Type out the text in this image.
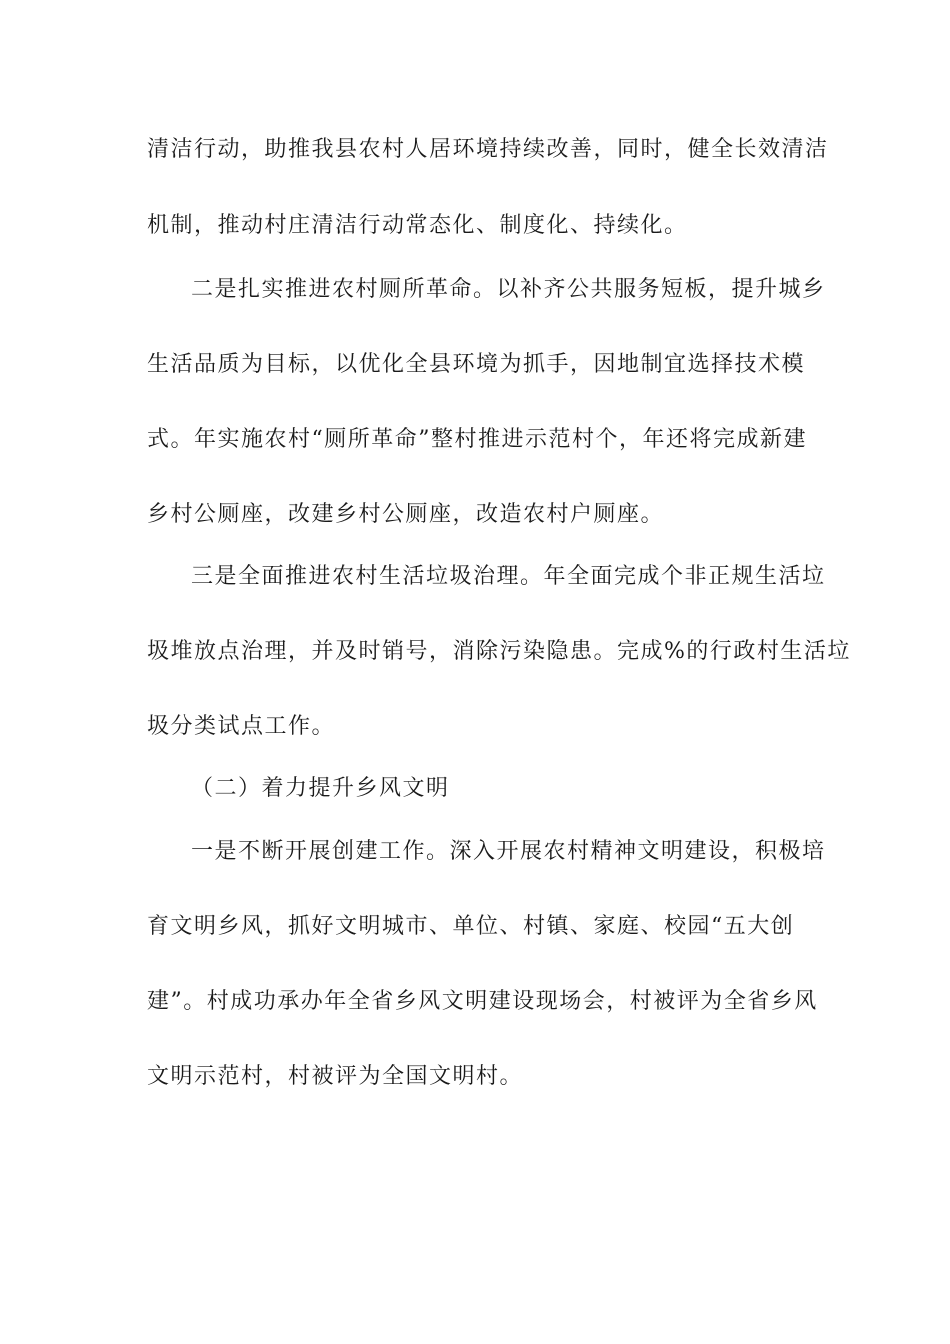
清洁行动，助推我县农村人居环境持续改善，同时，健全长效清洁
机制，推动村庄清洁行动常态化、制度化、持续化。
二是扎实推进农村厕所革命。以补齐公共服务短板，提升城乡
生活品质为目标，以优化全县环境为抓手，因地制宜选择技术模
式。年实施农村“厕所革命”整村推进示范村个，年还将完成新建
乡村公厕座，改建乡村公厕座，改造农村户厕座。
三是全面推进农村生活垃圾治理。年全面完成个非正规生活垃
圾堆放点治理，并及时销号，消除污染隐患。完成%的行政村生活垃
圾分类试点工作。
（二）着力提升乡风文明
一是不断开展创建工作。深入开展农村精神文明建设，积极培
育文明乡风，抓好文明城市、单位、村镇、家庭、校园“五大创
建”。村成功承办年全省乡风文明建设现场会，村被评为全省乡风
文明示范村，村被评为全国文明村。
